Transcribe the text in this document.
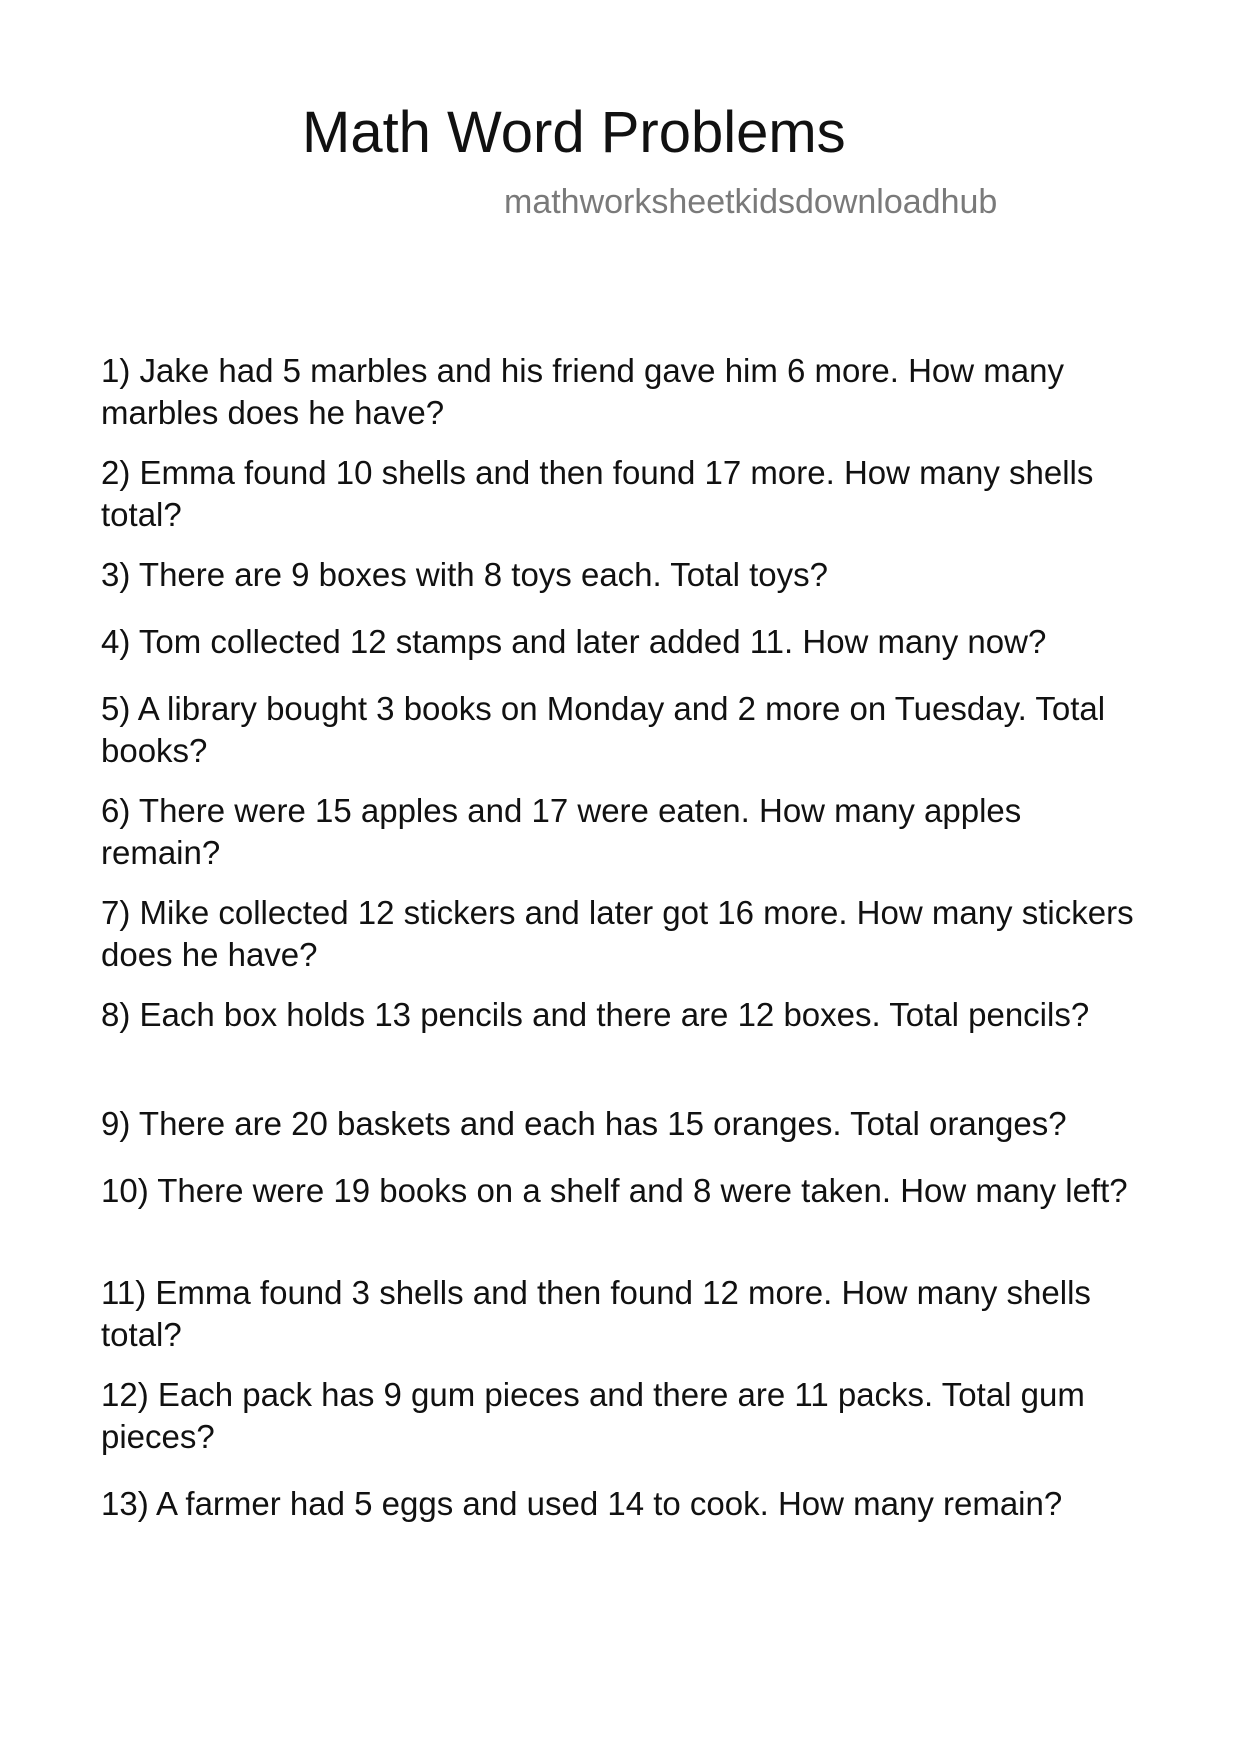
Math Word Problems
mathworksheetkidsdownloadhub
1) Jake had 5 marbles and his friend gave him 6 more. How many marbles does he have?
2) Emma found 10 shells and then found 17 more. How many shells total?
3) There are 9 boxes with 8 toys each. Total toys?
4) Tom collected 12 stamps and later added 11. How many now?
5) A library bought 3 books on Monday and 2 more on Tuesday. Total books?
6) There were 15 apples and 17 were eaten. How many apples remain?
7) Mike collected 12 stickers and later got 16 more. How many stickers does he have?
8) Each box holds 13 pencils and there are 12 boxes. Total pencils?
9) There are 20 baskets and each has 15 oranges. Total oranges?
10) There were 19 books on a shelf and 8 were taken. How many left?
11) Emma found 3 shells and then found 12 more. How many shells total?
12) Each pack has 9 gum pieces and there are 11 packs. Total gum pieces?
13) A farmer had 5 eggs and used 14 to cook. How many remain?
